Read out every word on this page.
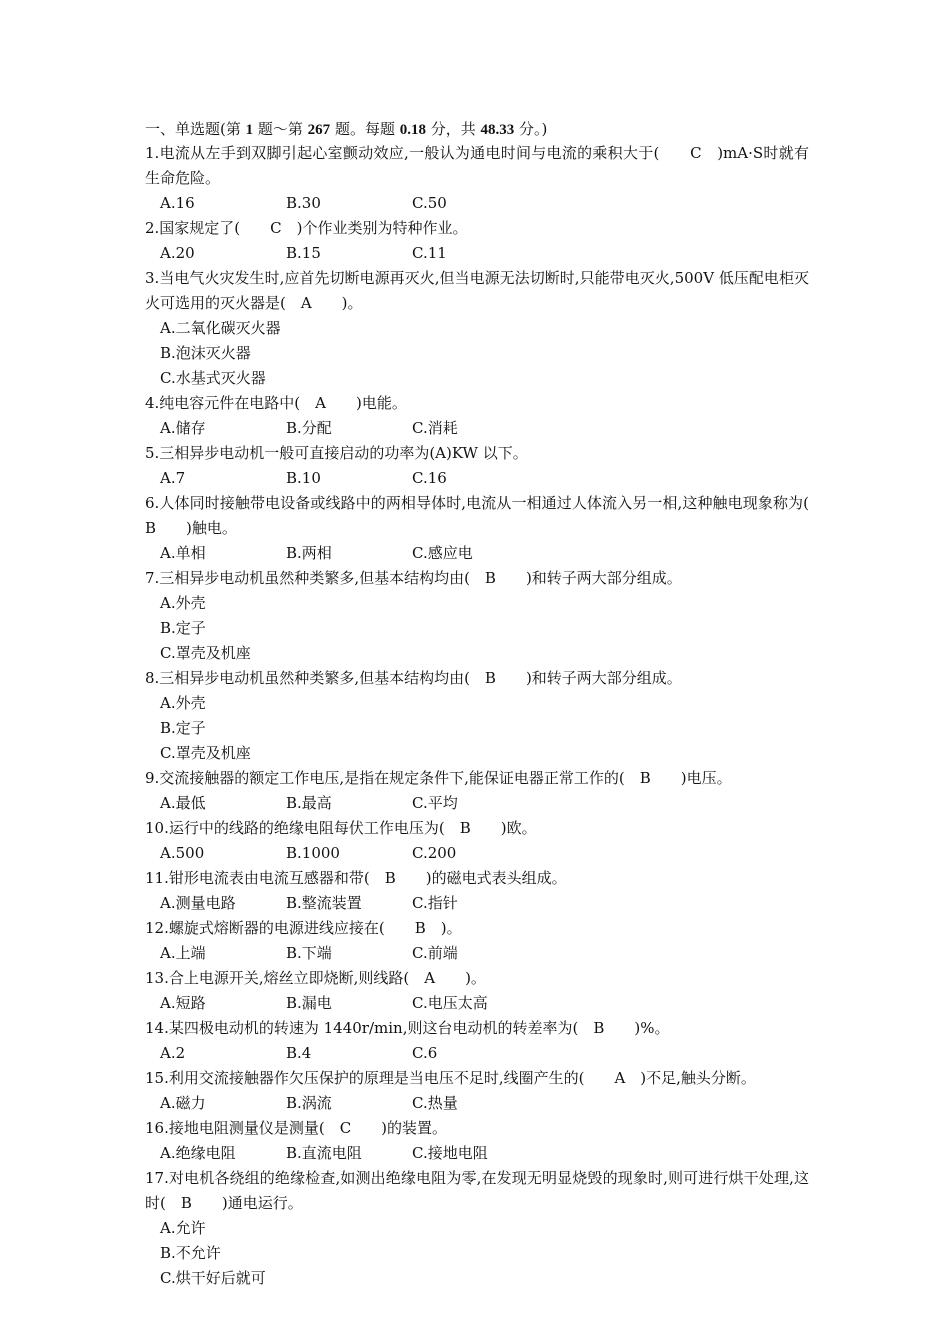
一、单选题(第 1 题～第 267 题。每题 0.18 分，共 48.33 分。)
1.电流从左手到双脚引起心室颤动效应,一般认为通电时间与电流的乘积大于(　　C　)mA·S时就有生命危险。
A.16	B.30	C.50
2.国家规定了(　　C　)个作业类别为特种作业。
A.20	B.15	C.11
3.当电气火灾发生时,应首先切断电源再灭火,但当电源无法切断时,只能带电灭火,500V 低压配电柜灭火可选用的灭火器是(　A　　)。
A.二氧化碳灭火器
B.泡沫灭火器
C.水基式灭火器
4.纯电容元件在电路中(　A　　)电能。
A.储存	B.分配	C.消耗
5.三相异步电动机一般可直接启动的功率为(A)KW 以下。
A.7	B.10	C.16
6.人体同时接触带电设备或线路中的两相导体时,电流从一相通过人体流入另一相,这种触电现象称为(　B　　)触电。
A.单相	B.两相	C.感应电
7.三相异步电动机虽然种类繁多,但基本结构均由(　B　　)和转子两大部分组成。
A.外壳
B.定子
C.罩壳及机座
8.三相异步电动机虽然种类繁多,但基本结构均由(　B　　)和转子两大部分组成。
A.外壳
B.定子
C.罩壳及机座
9.交流接触器的额定工作电压,是指在规定条件下,能保证电器正常工作的(　B　　)电压。
A.最低	B.最高	C.平均
10.运行中的线路的绝缘电阻每伏工作电压为(　B　　)欧。
A.500	B.1000	C.200
11.钳形电流表由电流互感器和带(　B　　)的磁电式表头组成。
A.测量电路	B.整流装置	C.指针
12.螺旋式熔断器的电源进线应接在(　　B　)。
A.上端	B.下端	C.前端
13.合上电源开关,熔丝立即烧断,则线路(　A　　)。
A.短路	B.漏电	C.电压太高
14.某四极电动机的转速为 1440r/min,则这台电动机的转差率为(　B　　)%。
A.2	B.4	C.6
15.利用交流接触器作欠压保护的原理是当电压不足时,线圈产生的(　　A　)不足,触头分断。
A.磁力	B.涡流	C.热量
16.接地电阻测量仪是测量(　C　　)的装置。
A.绝缘电阻	B.直流电阻	C.接地电阻
17.对电机各绕组的绝缘检查,如测出绝缘电阻为零,在发现无明显烧毁的现象时,则可进行烘干处理,这时(　B　　)通电运行。
A.允许
B.不允许
C.烘干好后就可
